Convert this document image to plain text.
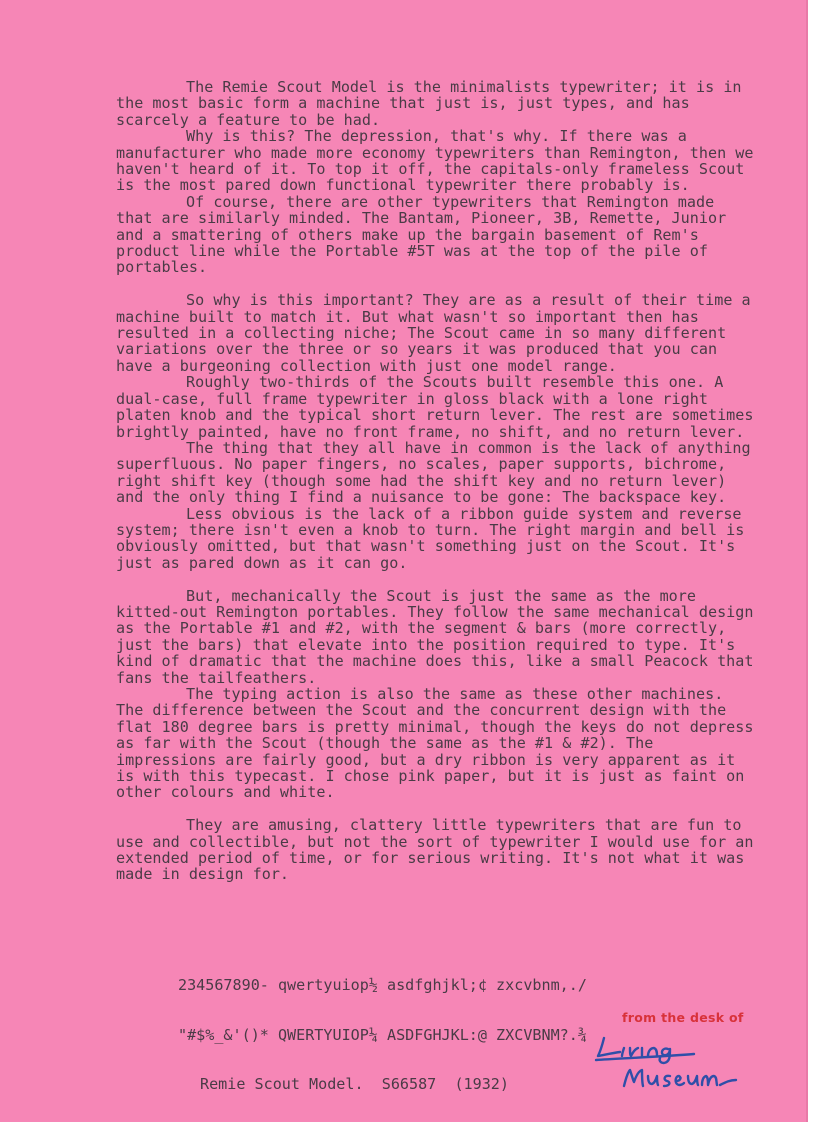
The Remie Scout Model is the minimalists typewriter; it is in the most basic form a machine that just is, just types, and has scarcely a feature to be had.

Why is this? The depression, that's why. If there was a manufacturer who made more economy typewriters than Remington, then we haven't heard of it. To top it off, the capitals-only frameless Scout is the most pared down functional typewriter there probably is.

Of course, there are other typewriters that Remington made that are similarly minded. The Bantam, Pioneer, 3B, Remette, Junior and a smattering of others make up the bargain basement of Rem's product line while the Portable #5T was at the top of the pile of portables.

So why is this important? They are as a result of their time a machine built to match it. But what wasn't so important then has resulted in a collecting niche; The Scout came in so many different variations over the three or so years it was produced that you can have a burgeoning collection with just one model range.

Roughly two-thirds of the Scouts built resemble this one. A dual-case, full frame typewriter in gloss black with a lone right platen knob and the typical short return lever. The rest are sometimes brightly painted, have no front frame, no shift, and no return lever.

The thing that they all have in common is the lack of anything superfluous. No paper fingers, no scales, paper supports, bichrome, right shift key (though some had the shift key and no return lever) and the only thing I find a nuisance to be gone: The backspace key.

Less obvious is the lack of a ribbon guide system and reverse system; there isn't even a knob to turn. The right margin and bell is obviously omitted, but that wasn't something just on the Scout. It's just as pared down as it can go.

But, mechanically the Scout is just the same as the more kitted-out Remington portables. They follow the same mechanical design as the Portable #1 and #2, with the segment & bars (more correctly, just the bars) that elevate into the position required to type. It's kind of dramatic that the machine does this, like a small Peacock that fans the tailfeathers.

The typing action is also the same as these other machines. The difference between the Scout and the concurrent design with the flat 180 degree bars is pretty minimal, though the keys do not depress as far with the Scout (though the same as the #1 & #2). The impressions are fairly good, but a dry ribbon is very apparent as it is with this typecast. I chose pink paper, but it is just as faint on other colours and white.

They are amusing, clattery little typewriters that are fun to use and collectible, but not the sort of typewriter I would use for an extended period of time, or for serious writing. It's not what it was made in design for.

234567890- qwertyuiop½ asdfghjkl;¢ zxcvbnm,./

"#$%_&'()* QWERTYUIOP¼ ASDFGHJKL:@ ZXCVBNM?.¾

Remie Scout Model.  S66587  (1932)

from the desk of
